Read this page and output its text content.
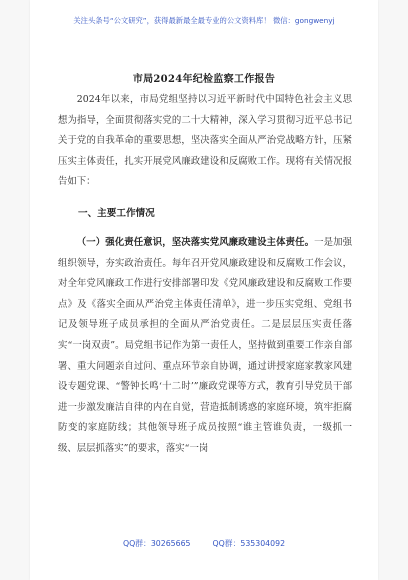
关注头条号“公文研究”，获得最新最全最专业的公文资料库！ 微信：gongwenyj
市局2024年纪检监察工作报告
2024年以来，市局党组坚持以习近平新时代中国特色社会主义思想为指导，全面贯彻落实党的二十大精神，深入学习贯彻习近平总书记关于党的自我革命的重要思想，坚决落实全面从严治党战略方针，压紧压实主体责任，扎实开展党风廉政建设和反腐败工作。现将有关情况报告如下：
一、主要工作情况
（一）强化责任意识，坚决落实党风廉政建设主体责任。一是加强组织领导，夯实政治责任。每年召开党风廉政建设和反腐败工作会议，对全年党风廉政工作进行安排部署印发《党风廉政建设和反腐败工作要点》及《落实全面从严治党主体责任清单》，进一步压实党组、党组书记及领导班子成员承担的全面从严治党责任。二是层层压实责任落实“一岗双责”。局党组书记作为第一责任人，坚持做到重要工作亲自部署、重大问题亲自过问、重点环节亲自协调，通过讲授家庭家教家风建设专题党课、“警钟长鸣‘十二时’”廉政党课等方式，教育引导党员干部进一步激发廉洁自律的内在自觉，营造抵制诱惑的家庭环境，筑牢拒腐防变的家庭防线；其他领导班子成员按照“谁主管谁负责，一级抓一级、层层抓落实”的要求，落实“一岗
QQ群：30265665	QQ群：535304092
